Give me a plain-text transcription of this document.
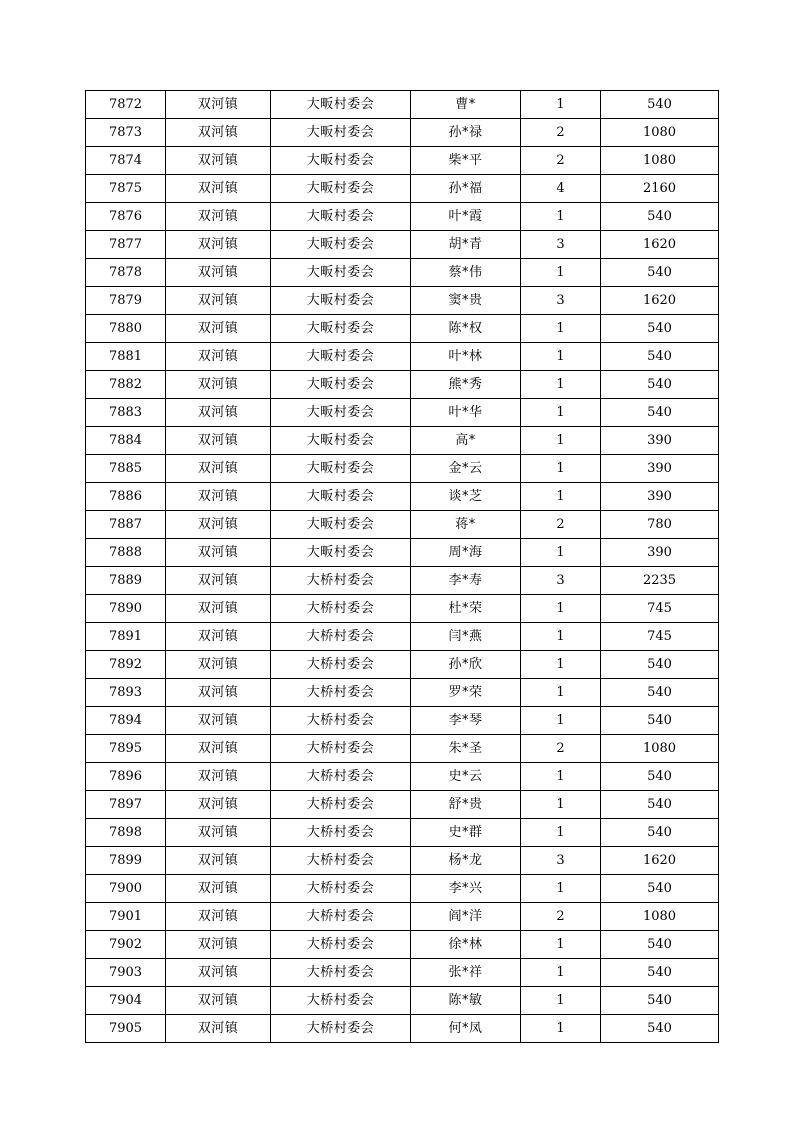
7872	双河镇	大畈村委会	曹*	1	540
7873	双河镇	大畈村委会	孙*禄	2	1080
7874	双河镇	大畈村委会	柴*平	2	1080
7875	双河镇	大畈村委会	孙*福	4	2160
7876	双河镇	大畈村委会	叶*霞	1	540
7877	双河镇	大畈村委会	胡*青	3	1620
7878	双河镇	大畈村委会	蔡*伟	1	540
7879	双河镇	大畈村委会	窦*贵	3	1620
7880	双河镇	大畈村委会	陈*权	1	540
7881	双河镇	大畈村委会	叶*林	1	540
7882	双河镇	大畈村委会	熊*秀	1	540
7883	双河镇	大畈村委会	叶*华	1	540
7884	双河镇	大畈村委会	高*	1	390
7885	双河镇	大畈村委会	金*云	1	390
7886	双河镇	大畈村委会	谈*芝	1	390
7887	双河镇	大畈村委会	蒋*	2	780
7888	双河镇	大畈村委会	周*海	1	390
7889	双河镇	大桥村委会	李*寿	3	2235
7890	双河镇	大桥村委会	杜*荣	1	745
7891	双河镇	大桥村委会	闫*燕	1	745
7892	双河镇	大桥村委会	孙*欣	1	540
7893	双河镇	大桥村委会	罗*荣	1	540
7894	双河镇	大桥村委会	李*琴	1	540
7895	双河镇	大桥村委会	朱*圣	2	1080
7896	双河镇	大桥村委会	史*云	1	540
7897	双河镇	大桥村委会	舒*贵	1	540
7898	双河镇	大桥村委会	史*群	1	540
7899	双河镇	大桥村委会	杨*龙	3	1620
7900	双河镇	大桥村委会	李*兴	1	540
7901	双河镇	大桥村委会	阎*洋	2	1080
7902	双河镇	大桥村委会	徐*林	1	540
7903	双河镇	大桥村委会	张*祥	1	540
7904	双河镇	大桥村委会	陈*敏	1	540
7905	双河镇	大桥村委会	何*凤	1	540
